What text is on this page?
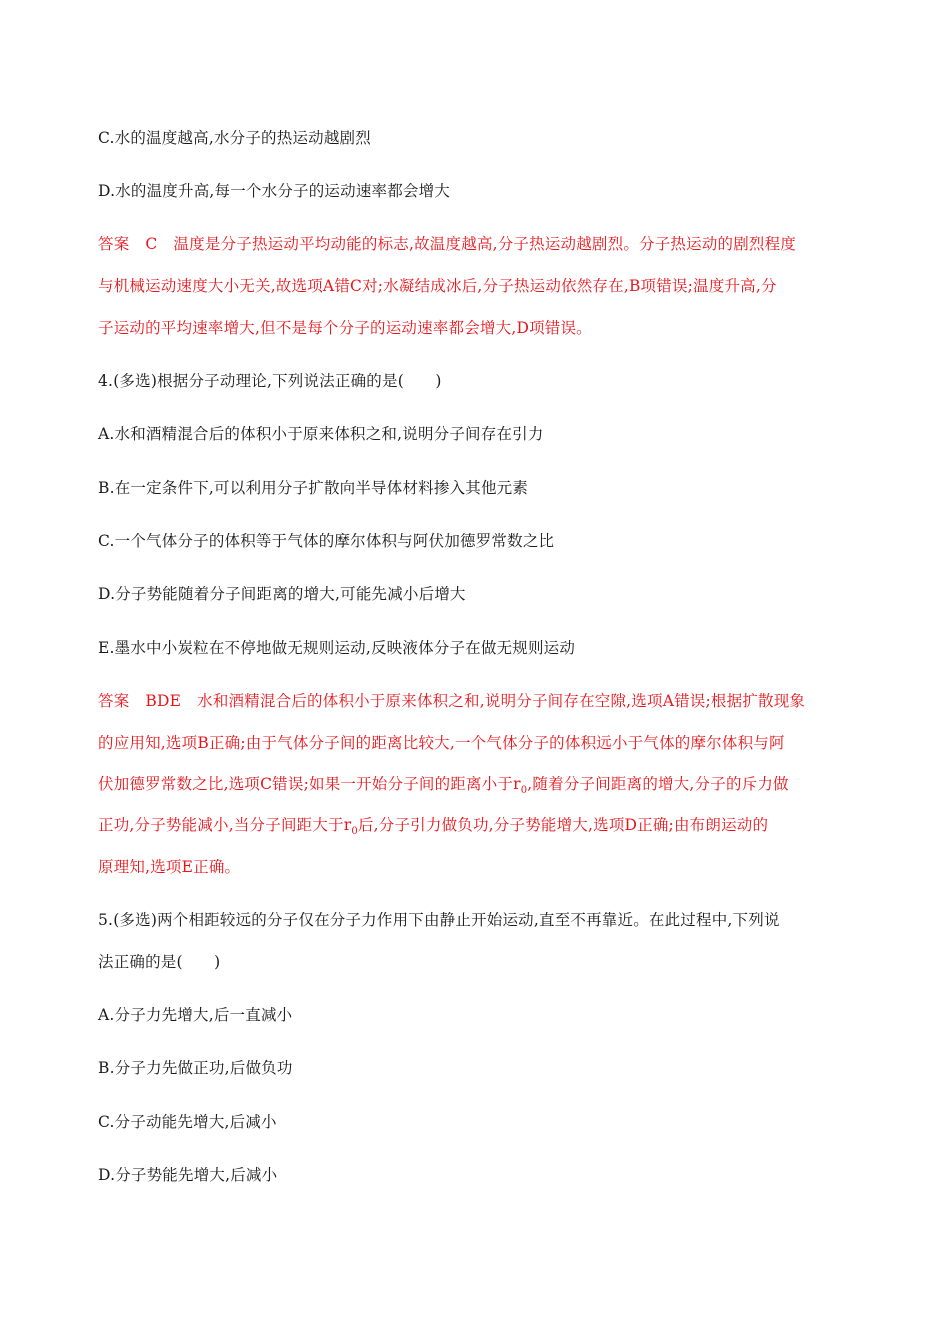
C.水的温度越高,水分子的热运动越剧烈
D.水的温度升高,每一个水分子的运动速率都会增大
答案 C 温度是分子热运动平均动能的标志,故温度越高,分子热运动越剧烈。分子热运动的剧烈程度
与机械运动速度大小无关,故选项A错C对;水凝结成冰后,分子热运动依然存在,B项错误;温度升高,分
子运动的平均速率增大,但不是每个分子的运动速率都会增大,D项错误。
4.(多选)根据分子动理论,下列说法正确的是(　　)
A.水和酒精混合后的体积小于原来体积之和,说明分子间存在引力
B.在一定条件下,可以利用分子扩散向半导体材料掺入其他元素
C.一个气体分子的体积等于气体的摩尔体积与阿伏加德罗常数之比
D.分子势能随着分子间距离的增大,可能先减小后增大
E.墨水中小炭粒在不停地做无规则运动,反映液体分子在做无规则运动
答案 BDE 水和酒精混合后的体积小于原来体积之和,说明分子间存在空隙,选项A错误;根据扩散现象
的应用知,选项B正确;由于气体分子间的距离比较大,一个气体分子的体积远小于气体的摩尔体积与阿
伏加德罗常数之比,选项C错误;如果一开始分子间的距离小于$r_0$,随着分子间距离的增大,分子的斥力做
正功,分子势能减小,当分子间距大于$r_0$后,分子引力做负功,分子势能增大,选项D正确;由布朗运动的
原理知,选项E正确。
5.(多选)两个相距较远的分子仅在分子力作用下由静止开始运动,直至不再靠近。在此过程中,下列说
法正确的是(　　)
A.分子力先增大,后一直减小
B.分子力先做正功,后做负功
C.分子动能先增大,后减小
D.分子势能先增大,后减小
